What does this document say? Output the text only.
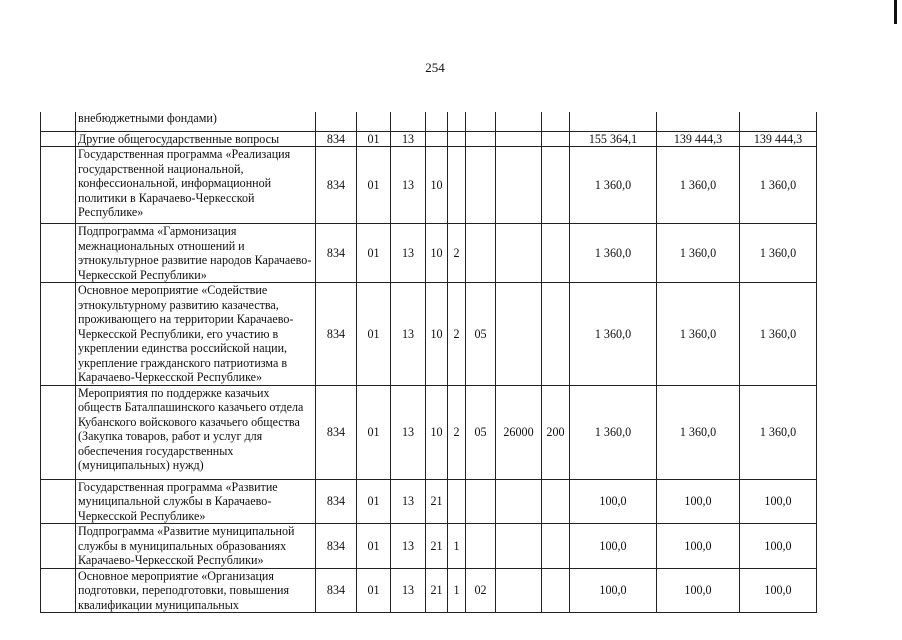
254
	внебюджетными фондами)											
	Другие общегосударственные вопросы	834	01	13						155 364,1	139 444,3	139 444,3
	Государственная программа «Реализация государственной национальной, конфессиональной, информационной политики в Карачаево-Черкесской Республике»	834	01	13	10					1 360,0	1 360,0	1 360,0
	Подпрограмма «Гармонизация межнациональных отношений и этнокультурное развитие народов Карачаево-Черкесской Республики»	834	01	13	10	2				1 360,0	1 360,0	1 360,0
	Основное мероприятие «Содействие этнокультурному развитию казачества, проживающего на территории Карачаево-Черкесской Республики, его участию в укреплении единства российской нации, укрепление гражданского патриотизма в Карачаево-Черкесской Республике»	834	01	13	10	2	05			1 360,0	1 360,0	1 360,0
	Мероприятия по поддержке казачьих обществ Баталпашинского казачьего отдела Кубанского войскового казачьего общества (Закупка товаров, работ и услуг для обеспечения государственных (муниципальных) нужд)	834	01	13	10	2	05	26000	200	1 360,0	1 360,0	1 360,0
	Государственная программа «Развитие муниципальной службы в Карачаево-Черкесской Республике»	834	01	13	21					100,0	100,0	100,0
	Подпрограмма «Развитие муниципальной службы в муниципальных образованиях Карачаево-Черкесской Республики»	834	01	13	21	1				100,0	100,0	100,0
	Основное мероприятие «Организация подготовки, переподготовки, повышения квалификации муниципальных	834	01	13	21	1	02			100,0	100,0	100,0
